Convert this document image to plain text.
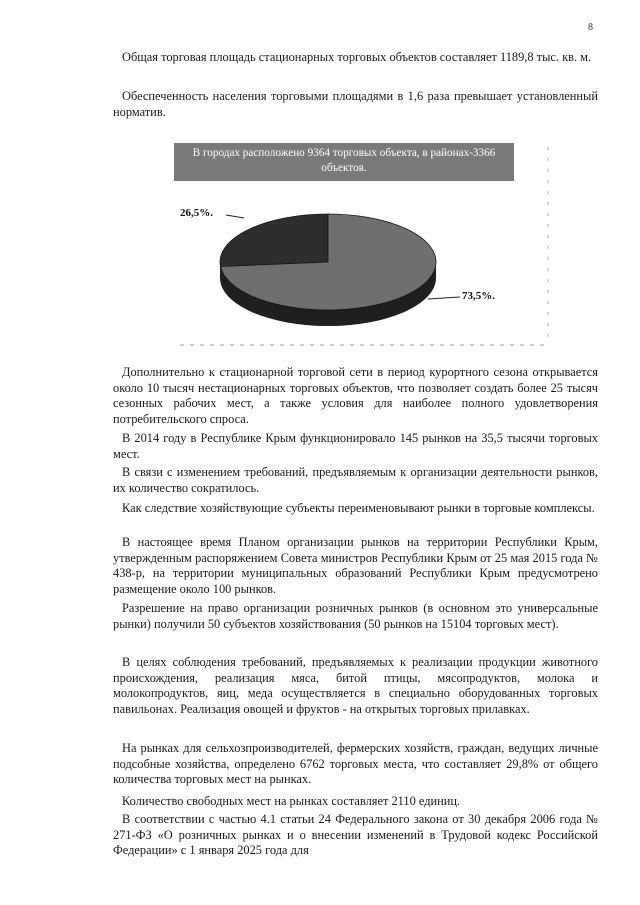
8

Общая торговая площадь стационарных торговых объектов составляет 1189,8 тыс. кв. м.

Обеспеченность населения торговыми площадями в 1,6 раза превышает установленный норматив.

В городах расположено 9364 торговых объекта, в районах-3366 объектов.
26,5%.
73,5%.

Дополнительно к стационарной торговой сети в период курортного сезона открывается около 10 тысяч нестационарных торговых объектов, что позволяет создать более 25 тысяч сезонных рабочих мест, а также условия для наиболее полного удовлетворения потребительского спроса.

В 2014 году в Республике Крым функционировало 145 рынков на 35,5 тысячи торговых мест.

В связи с изменением требований, предъявляемым к организации деятельности рынков, их количество сократилось.

Как следствие хозяйствующие субъекты переименовывают рынки в торговые комплексы.

В настоящее время Планом организации рынков на территории Республики Крым, утвержденным распоряжением Совета министров Республики Крым от 25 мая 2015 года № 438-р, на территории муниципальных образований Республики Крым предусмотрено размещение около 100 рынков.

Разрешение на право организации розничных рынков (в основном это универсальные рынки) получили 50 субъектов хозяйствования (50 рынков на 15104 торговых мест).

В целях соблюдения требований, предъявляемых к реализации продукции животного происхождения, реализация мяса, битой птицы, мясопродуктов, молока и молокопродуктов, яиц, меда осуществляется в специально оборудованных торговых павильонах. Реализация овощей и фруктов - на открытых торговых прилавках.

На рынках для сельхозпроизводителей, фермерских хозяйств, граждан, ведущих личные подсобные хозяйства, определено 6762 торговых места, что составляет 29,8% от общего количества торговых мест на рынках.

Количество свободных мест на рынках составляет 2110 единиц.

В соответствии с частью 4.1 статьи 24 Федерального закона от 30 декабря 2006 года № 271-ФЗ «О розничных рынках и о внесении изменений в Трудовой кодекс Российской Федерации» с 1 января 2025 года для
